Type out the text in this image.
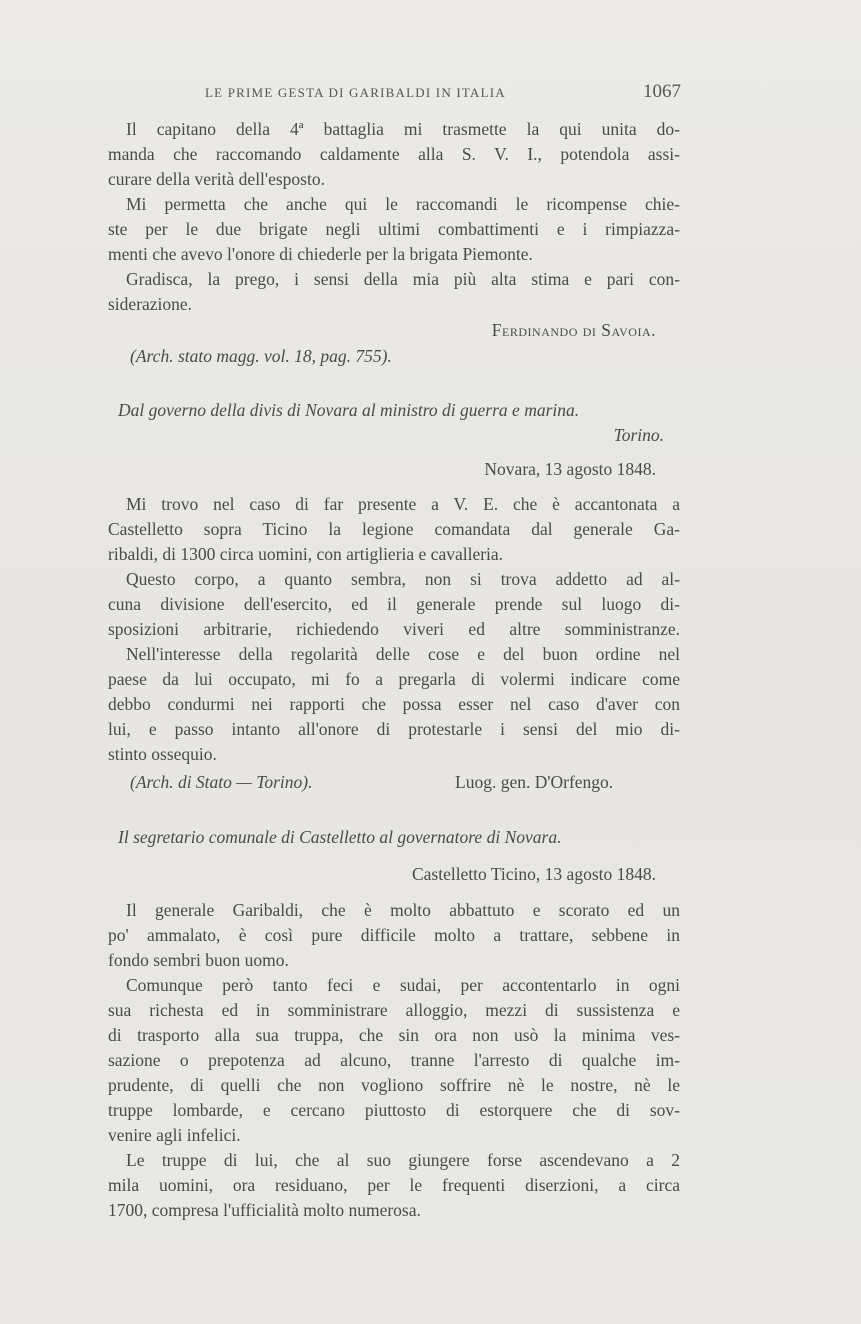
LE PRIME GESTA DI GARIBALDI IN ITALIA	1067
Il capitano della 4ª battaglia mi trasmette la qui unita do-
manda che raccomando caldamente alla S. V. I., potendola assi-
curare della verità dell'esposto.
Mi permetta che anche qui le raccomandi le ricompense chie-
ste per le due brigate negli ultimi combattimenti e i rimpiazza-
menti che avevo l'onore di chiederle per la brigata Piemonte.
Gradisca, la prego, i sensi della mia più alta stima e pari con-
siderazione.
Ferdinando di Savoia.
(Arch. stato magg. vol. 18, pag. 755).
Dal governo della divis di Novara al ministro di guerra e marina.
Torino.
Novara, 13 agosto 1848.
Mi trovo nel caso di far presente a V. E. che è accantonata a
Castelletto sopra Ticino la legione comandata dal generale Ga-
ribaldi, di 1300 circa uomini, con artiglieria e cavalleria.
Questo corpo, a quanto sembra, non si trova addetto ad al-
cuna divisione dell'esercito, ed il generale prende sul luogo di-
sposizioni arbitrarie, richiedendo viveri ed altre somministranze.
Nell'interesse della regolarità delle cose e del buon ordine nel
paese da lui occupato, mi fo a pregarla di volermi indicare come
debbo condurmi nei rapporti che possa esser nel caso d'aver con
lui, e passo intanto all'onore di protestarle i sensi del mio di-
stinto ossequio.
(Arch. di Stato — Torino).	Luog. gen. D'Orfengo.
Il segretario comunale di Castelletto al governatore di Novara.
Castelletto Ticino, 13 agosto 1848.
Il generale Garibaldi, che è molto abbattuto e scorato ed un
po' ammalato, è così pure difficile molto a trattare, sebbene in
fondo sembri buon uomo.
Comunque però tanto feci e sudai, per accontentarlo in ogni
sua richesta ed in somministrare alloggio, mezzi di sussistenza e
di trasporto alla sua truppa, che sin ora non usò la minima ves-
sazione o prepotenza ad alcuno, tranne l'arresto di qualche im-
prudente, di quelli che non vogliono soffrire nè le nostre, nè le
truppe lombarde, e cercano piuttosto di estorquere che di sov-
venire agli infelici.
Le truppe di lui, che al suo giungere forse ascendevano a 2
mila uomini, ora residuano, per le frequenti diserzioni, a circa
1700, compresa l'ufficialità molto numerosa.
